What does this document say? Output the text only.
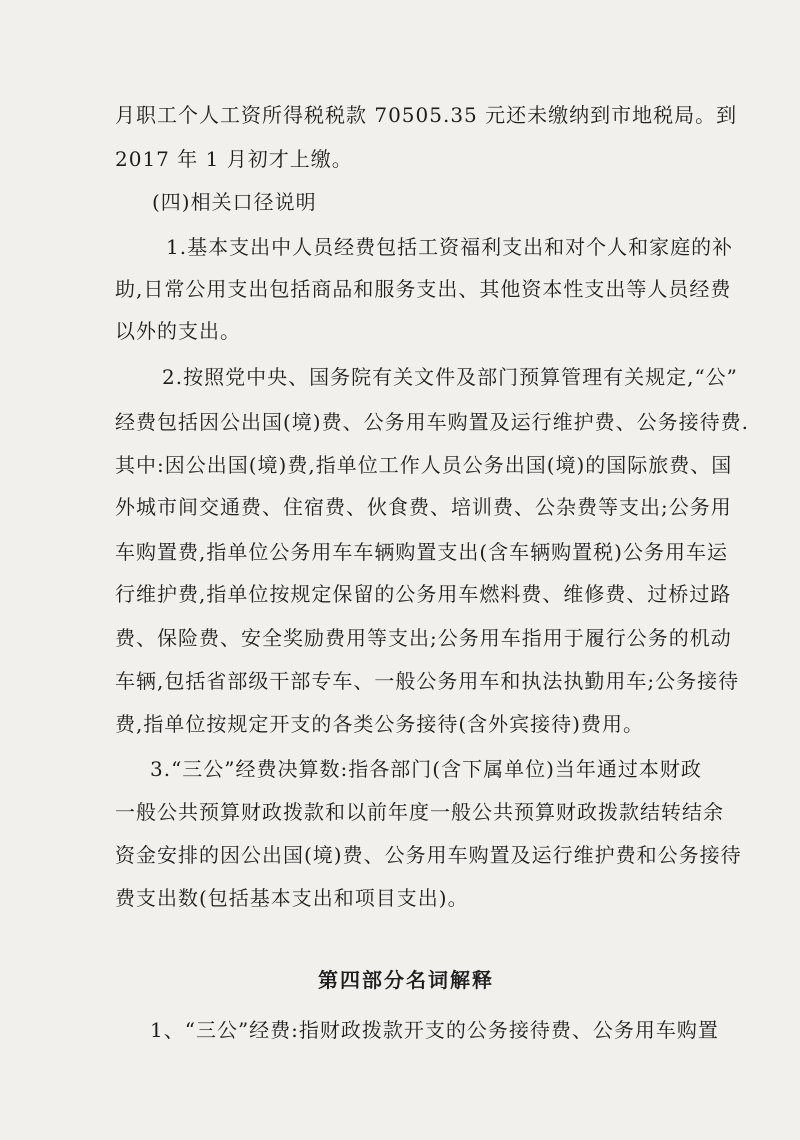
月职工个人工资所得税税款 70505.35 元还未缴纳到市地税局。到
2017 年 1 月初才上缴。
(四)相关口径说明
1.基本支出中人员经费包括工资福利支出和对个人和家庭的补
助,日常公用支出包括商品和服务支出、其他资本性支出等人员经费
以外的支出。
2.按照党中央、国务院有关文件及部门预算管理有关规定,“公”
经费包括因公出国(境)费、公务用车购置及运行维护费、公务接待费.
其中:因公出国(境)费,指单位工作人员公务出国(境)的国际旅费、国
外城市间交通费、住宿费、伙食费、培训费、公杂费等支出;公务用
车购置费,指单位公务用车车辆购置支出(含车辆购置税)公务用车运
行维护费,指单位按规定保留的公务用车燃料费、维修费、过桥过路
费、保险费、安全奖励费用等支出;公务用车指用于履行公务的机动
车辆,包括省部级干部专车、一般公务用车和执法执勤用车;公务接待
费,指单位按规定开支的各类公务接待(含外宾接待)费用。
3.“三公”经费决算数:指各部门(含下属单位)当年通过本财政
一般公共预算财政拨款和以前年度一般公共预算财政拨款结转结余
资金安排的因公出国(境)费、公务用车购置及运行维护费和公务接待
费支出数(包括基本支出和项目支出)。
第四部分名词解释
1、“三公”经费:指财政拨款开支的公务接待费、公务用车购置
